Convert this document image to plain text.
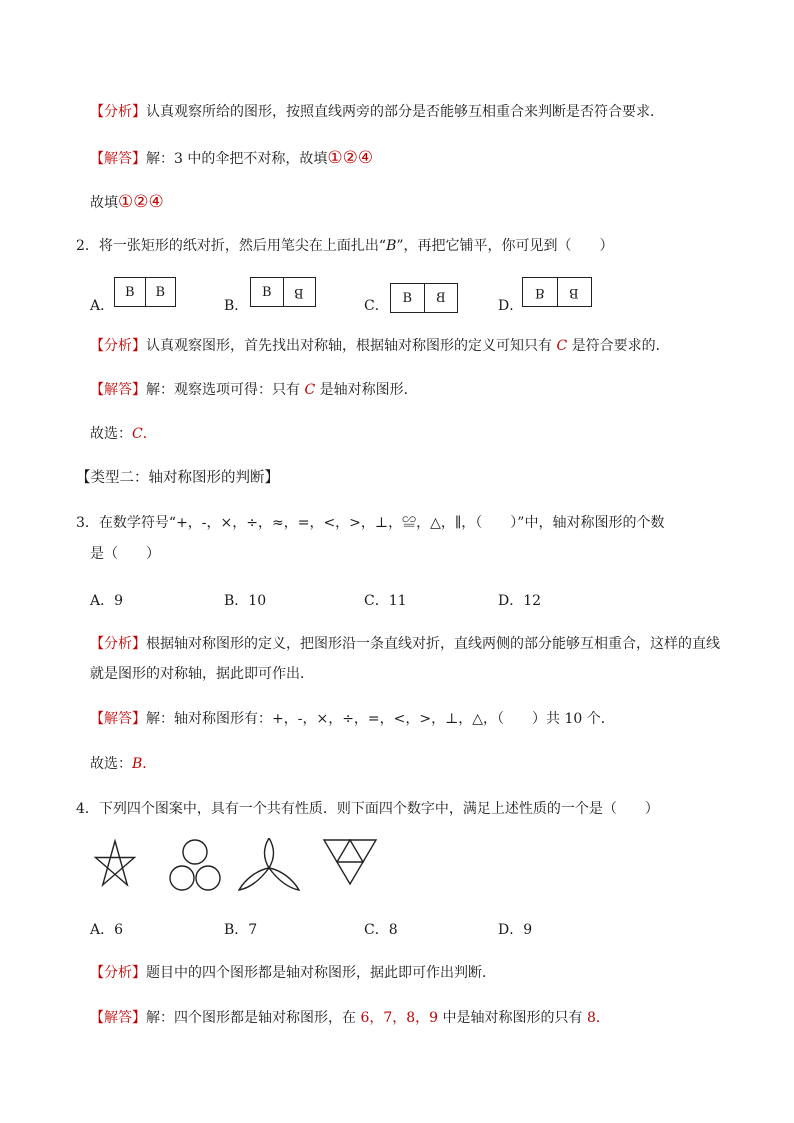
【分析】认真观察所给的图形，按照直线两旁的部分是否能够互相重合来判断是否符合要求．
【解答】解：3 中的伞把不对称，故填①②④
故填①②④
2．将一张矩形的纸对折，然后用笔尖在上面扎出“B”，再把它铺平，你可见到（　　）
A．
B B
B．
B B
C． B B	D．
B B
【分析】认真观察图形，首先找出对称轴，根据轴对称图形的定义可知只有 C 是符合要求的．
【解答】解：观察选项可得：只有 C 是轴对称图形．
故选：C．
【类型二：轴对称图形的判断】
3．在数学符号“+，-，×，÷，≈，=，<，>，⊥，≌，△，∥，（　　）”中，轴对称图形的个数
是（　　）
A．9	B．10	C．11	D．12
【分析】根据轴对称图形的定义，把图形沿一条直线对折，直线两侧的部分能够互相重合，这样的直线
就是图形的对称轴，据此即可作出．
【解答】解：轴对称图形有：+，-，×，÷，=，<，>，⊥，△，（　　）共 10 个．
故选：B．
4．下列四个图案中，具有一个共有性质．则下面四个数字中，满足上述性质的一个是（　　）
A．6	B．7	C．8	D．9
【分析】题目中的四个图形都是轴对称图形，据此即可作出判断．
【解答】解：四个图形都是轴对称图形，在 6，7，8，9 中是轴对称图形的只有 8．
